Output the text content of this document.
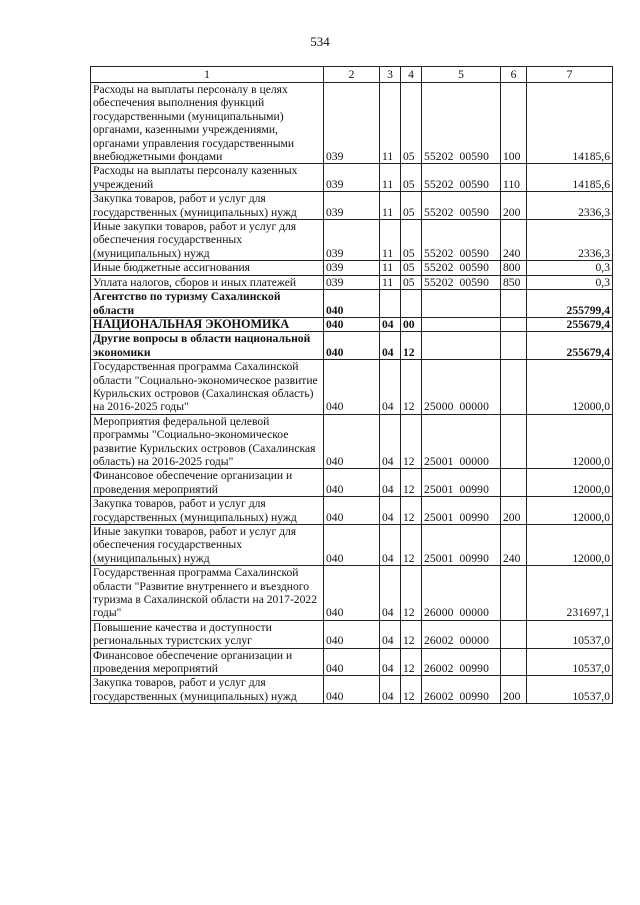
534
1	2	3	4	5	6	7
Расходы на выплаты персоналу в целях обеспечения выполнения функций государственными (муниципальными) органами, казенными учреждениями, органами управления государственными внебюджетными фондами	039	11	05	55202  00590	100	14185,6
Расходы на выплаты персоналу казенных учреждений	039	11	05	55202  00590	110	14185,6
Закупка товаров, работ и услуг для государственных (муниципальных) нужд	039	11	05	55202  00590	200	2336,3
Иные закупки товаров, работ и услуг для обеспечения государственных (муниципальных) нужд	039	11	05	55202  00590	240	2336,3
Иные бюджетные ассигнования	039	11	05	55202  00590	800	0,3
Уплата налогов, сборов и иных платежей	039	11	05	55202  00590	850	0,3
Агентство по туризму Сахалинской области	040					255799,4
НАЦИОНАЛЬНАЯ ЭКОНОМИКА	040	04	00			255679,4
Другие вопросы в области национальной экономики	040	04	12			255679,4
Государственная программа Сахалинской области "Социально-экономическое развитие Курильских островов (Сахалинская область) на 2016-2025 годы"	040	04	12	25000  00000		12000,0
Мероприятия федеральной целевой программы "Социально-экономическое развитие Курильских островов (Сахалинская область) на 2016-2025 годы"	040	04	12	25001  00000		12000,0
Финансовое обеспечение организации и проведения мероприятий	040	04	12	25001  00990		12000,0
Закупка товаров, работ и услуг для государственных (муниципальных) нужд	040	04	12	25001  00990	200	12000,0
Иные закупки товаров, работ и услуг для обеспечения государственных (муниципальных) нужд	040	04	12	25001  00990	240	12000,0
Государственная программа Сахалинской области "Развитие внутреннего и въездного туризма в Сахалинской области на 2017-2022 годы"	040	04	12	26000  00000		231697,1
Повышение качества и доступности региональных туристских услуг	040	04	12	26002  00000		10537,0
Финансовое обеспечение организации и проведения мероприятий	040	04	12	26002  00990		10537,0
Закупка товаров, работ и услуг для государственных (муниципальных) нужд	040	04	12	26002  00990	200	10537,0
